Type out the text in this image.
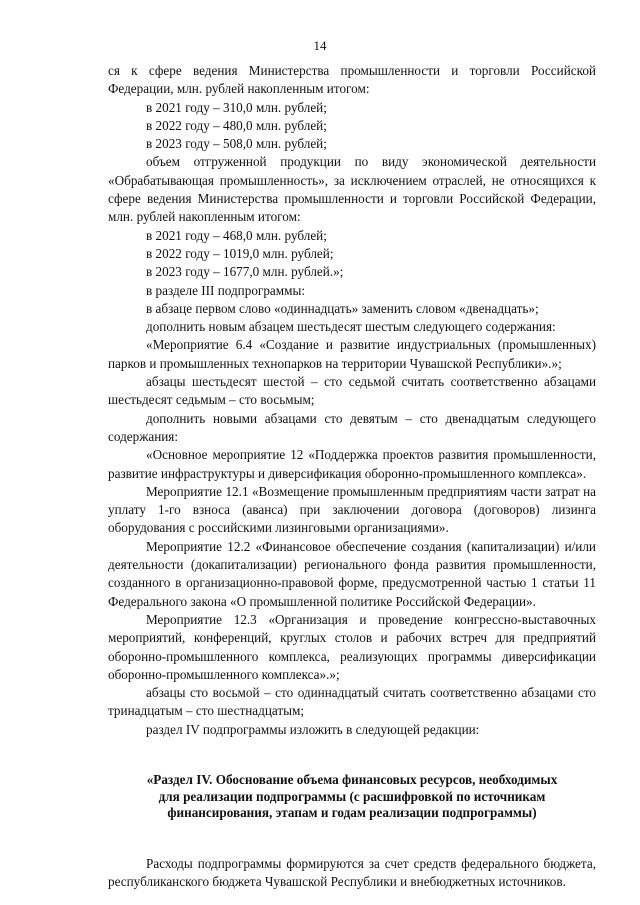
14

ся к сфере ведения Министерства промышленности и торговли Российской Федерации, млн. рублей накопленным итогом:

в 2021 году – 310,0 млн. рублей;

в 2022 году – 480,0 млн. рублей;

в 2023 году – 508,0 млн. рублей;

объем отгруженной продукции по виду экономической деятельности «Обрабатывающая промышленность», за исключением отраслей, не относящихся к сфере ведения Министерства промышленности и торговли Российской Федерации, млн. рублей накопленным итогом:

в 2021 году – 468,0 млн. рублей;

в 2022 году – 1019,0 млн. рублей;

в 2023 году – 1677,0 млн. рублей.»;

в разделе III подпрограммы:

в абзаце первом слово «одиннадцать» заменить словом «двенадцать»;

дополнить новым абзацем шестьдесят шестым следующего содержания:

«Мероприятие 6.4 «Создание и развитие индустриальных (промышленных) парков и промышленных технопарков на территории Чувашской Республики».»;

абзацы шестьдесят шестой – сто седьмой считать соответственно абзацами шестьдесят седьмым – сто восьмым;

дополнить новыми абзацами сто девятым – сто двенадцатым следующего содержания:

«Основное мероприятие 12 «Поддержка проектов развития промышленности, развитие инфраструктуры и диверсификация оборонно-промышленного комплекса».

Мероприятие 12.1 «Возмещение промышленным предприятиям части затрат на уплату 1-го взноса (аванса) при заключении договора (договоров) лизинга оборудования с российскими лизинговыми организациями».

Мероприятие 12.2 «Финансовое обеспечение создания (капитализации) и/или деятельности (докапитализации) регионального фонда развития промышленности, созданного в организационно-правовой форме, предусмотренной частью 1 статьи 11 Федерального закона «О промышленной политике Российской Федерации».

Мероприятие 12.3 «Организация и проведение конгрессно-выставочных мероприятий, конференций, круглых столов и рабочих встреч для предприятий оборонно-промышленного комплекса, реализующих программы диверсификации оборонно-промышленного комплекса».»;

абзацы сто восьмой – сто одиннадцатый считать соответственно абзацами сто тринадцатым – сто шестнадцатым;

раздел IV подпрограммы изложить в следующей редакции:

«Раздел IV. Обоснование объема финансовых ресурсов, необходимых
для реализации подпрограммы (с расшифровкой по источникам
финансирования, этапам и годам реализации подпрограммы)

Расходы подпрограммы формируются за счет средств федерального бюджета, республиканского бюджета Чувашской Республики и внебюджетных источников.
